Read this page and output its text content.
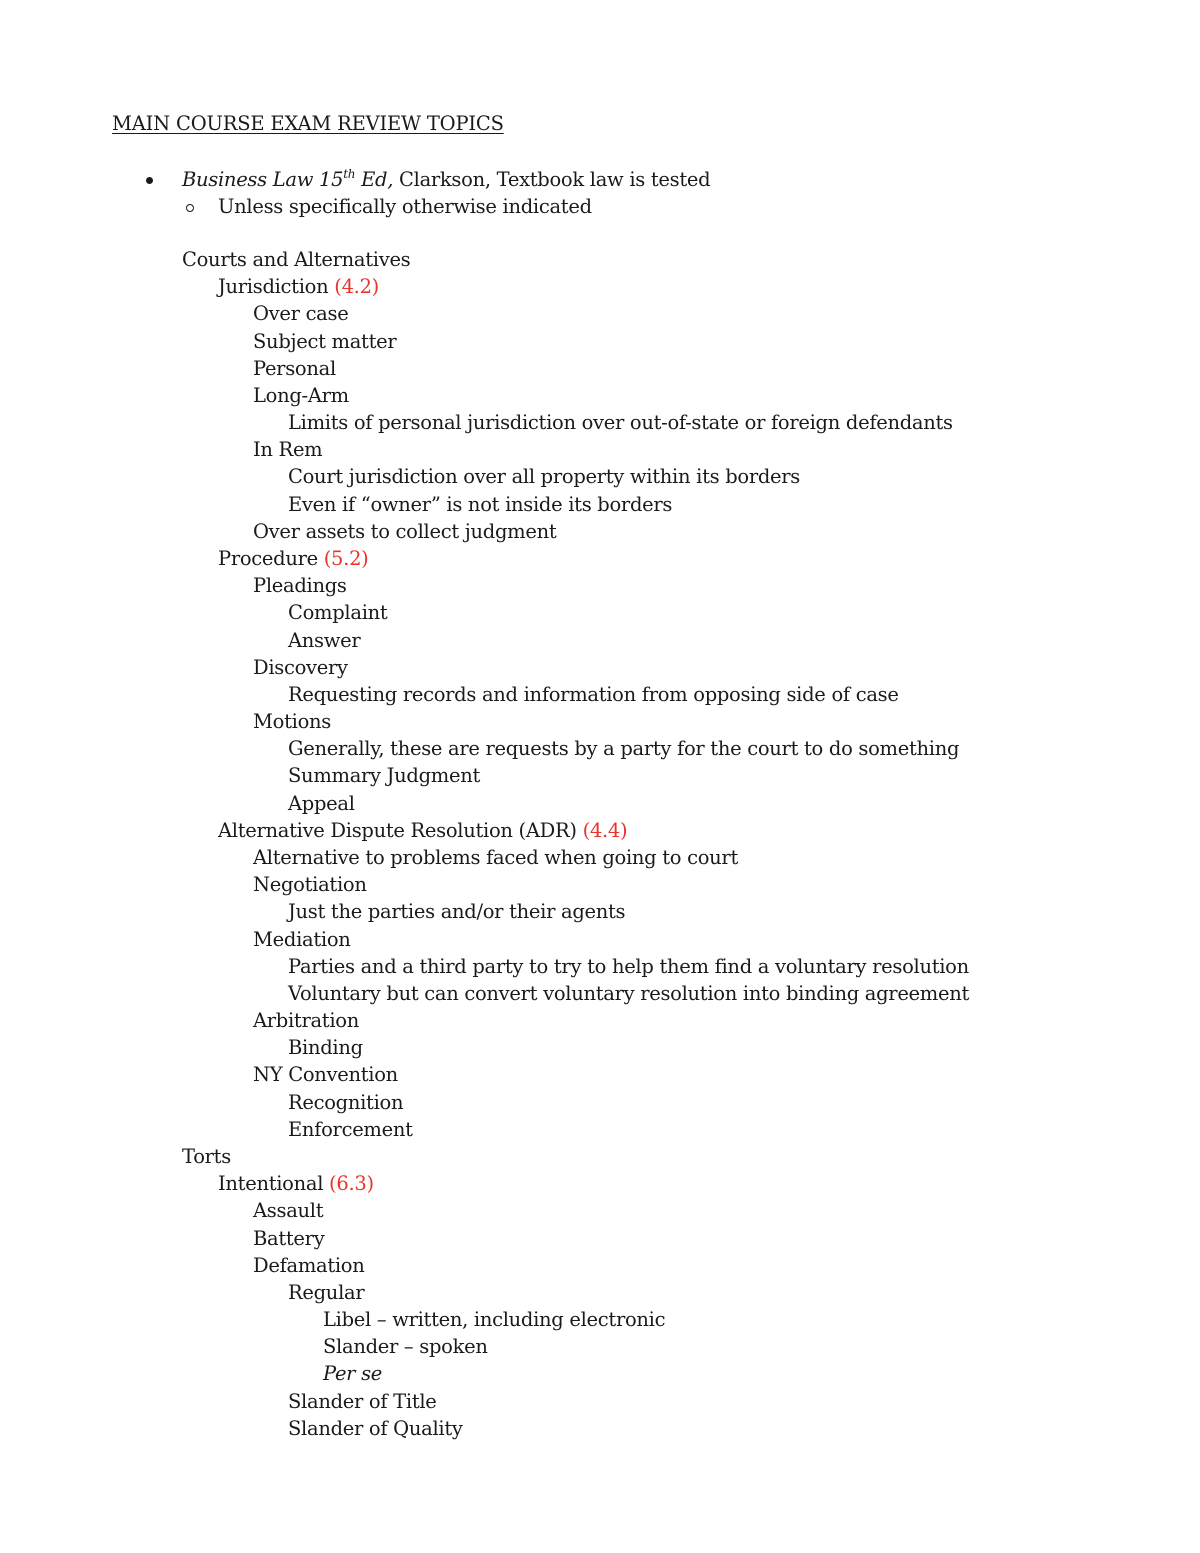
MAIN COURSE EXAM REVIEW TOPICS
Business Law 15th Ed, Clarkson, Textbook law is tested
Unless specifically otherwise indicated
Courts and Alternatives
Jurisdiction (4.2)
Over case
Subject matter
Personal
Long-Arm
Limits of personal jurisdiction over out-of-state or foreign defendants
In Rem
Court jurisdiction over all property within its borders
Even if “owner” is not inside its borders
Over assets to collect judgment
Procedure (5.2)
Pleadings
Complaint
Answer
Discovery
Requesting records and information from opposing side of case
Motions
Generally, these are requests by a party for the court to do something
Summary Judgment
Appeal
Alternative Dispute Resolution (ADR) (4.4)
Alternative to problems faced when going to court
Negotiation
Just the parties and/or their agents
Mediation
Parties and a third party to try to help them find a voluntary resolution
Voluntary but can convert voluntary resolution into binding agreement
Arbitration
Binding
NY Convention
Recognition
Enforcement
Torts
Intentional (6.3)
Assault
Battery
Defamation
Regular
Libel – written, including electronic
Slander – spoken
Per se
Slander of Title
Slander of Quality
